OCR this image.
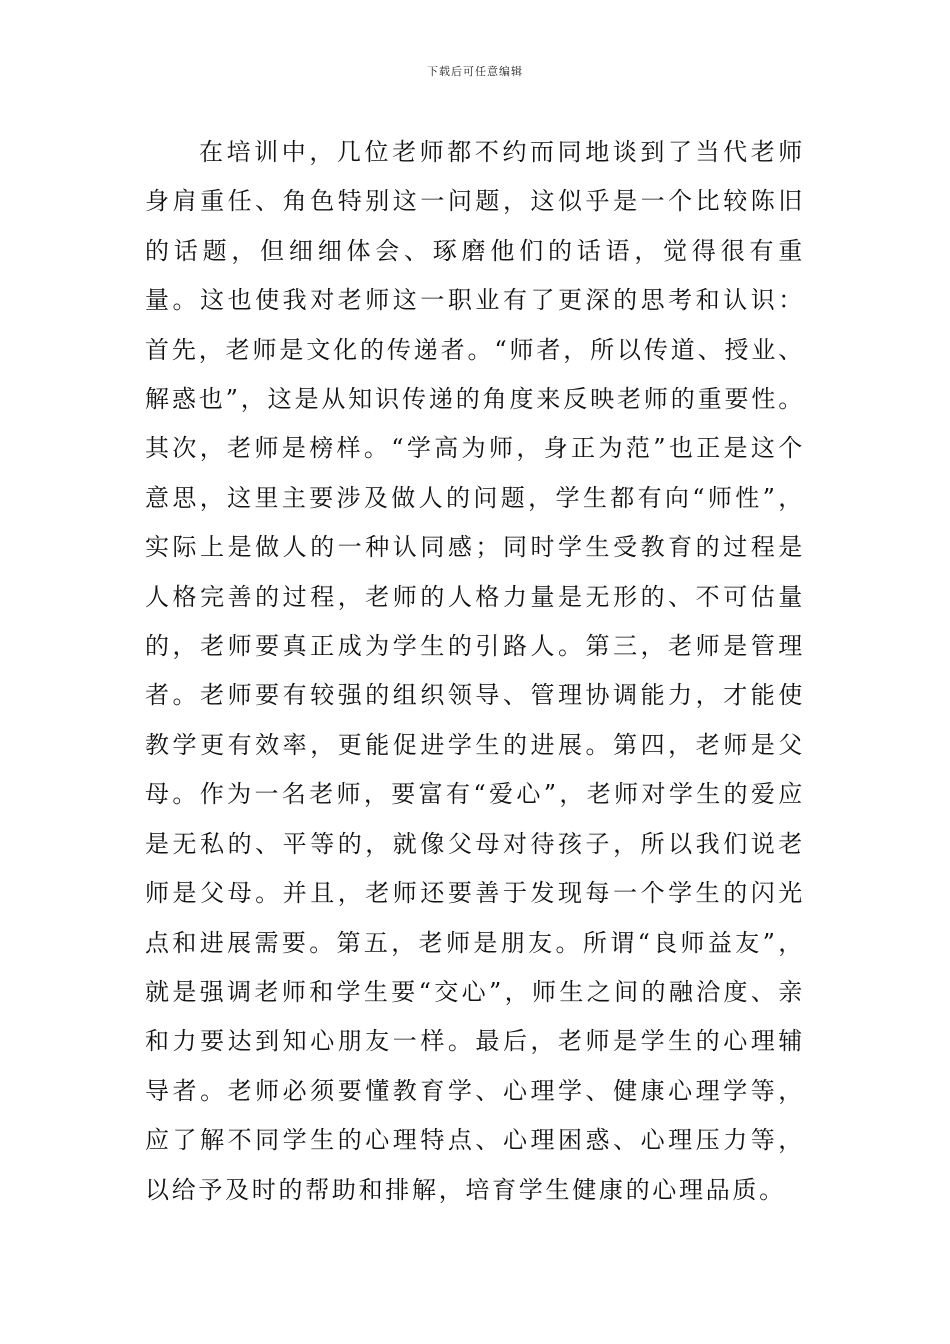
下载后可任意编辑

在培训中，几位老师都不约而同地谈到了当代老师身肩重任、角色特别这一问题，这似乎是一个比较陈旧的话题，但细细体会、琢磨他们的话语，觉得很有重量。这也使我对老师这一职业有了更深的思考和认识：首先，老师是文化的传递者。“师者，所以传道、授业、解惑也”，这是从知识传递的角度来反映老师的重要性。其次，老师是榜样。“学高为师，身正为范”也正是这个意思，这里主要涉及做人的问题，学生都有向“师性”，实际上是做人的一种认同感；同时学生受教育的过程是人格完善的过程，老师的人格力量是无形的、不可估量的，老师要真正成为学生的引路人。第三，老师是管理者。老师要有较强的组织领导、管理协调能力，才能使教学更有效率，更能促进学生的进展。第四，老师是父母。作为一名老师，要富有“爱心”，老师对学生的爱应是无私的、平等的，就像父母对待孩子，所以我们说老师是父母。并且，老师还要善于发现每一个学生的闪光点和进展需要。第五，老师是朋友。所谓“良师益友”，就是强调老师和学生要“交心”，师生之间的融洽度、亲和力要达到知心朋友一样。最后，老师是学生的心理辅导者。老师必须要懂教育学、心理学、健康心理学等，应了解不同学生的心理特点、心理困惑、心理压力等，以给予及时的帮助和排解，培育学生健康的心理品质。
